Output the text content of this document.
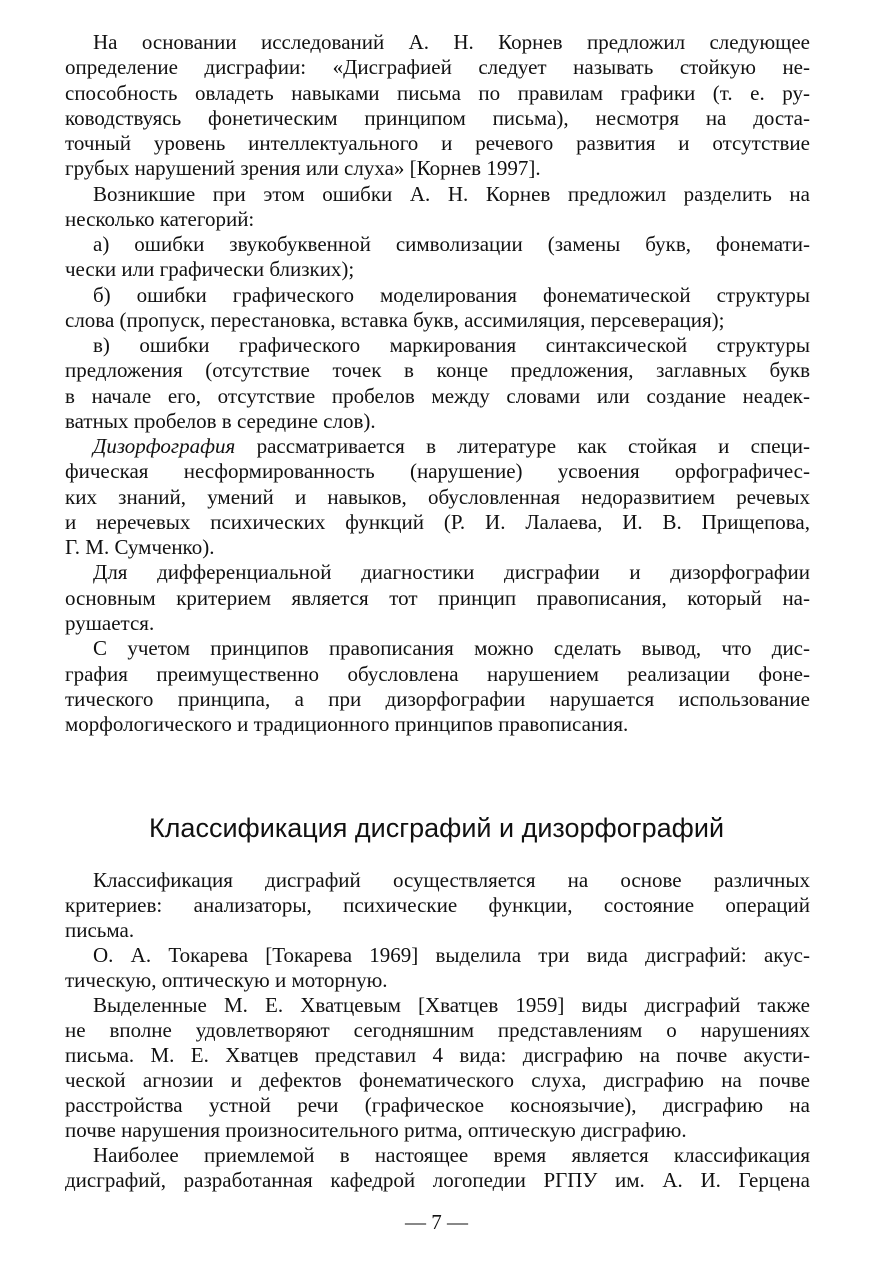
Классификация дисграфий и дизорфографий
— 7 —
На основании исследований А. Н. Корнев предложил следующее
определение дисграфии: «Дисграфией следует называть стойкую не-
способность овладеть навыками письма по правилам графики (т. е. ру-
ководствуясь фонетическим принципом письма), несмотря на доста-
точный уровень интеллектуального и речевого развития и отсутствие
грубых нарушений зрения или слуха» [Корнев 1997].
Возникшие при этом ошибки А. Н. Корнев предложил разделить на
несколько категорий:
а) ошибки звукобуквенной символизации (замены букв, фонемати-
чески или графически близких);
б) ошибки графического моделирования фонематической структуры
слова (пропуск, перестановка, вставка букв, ассимиляция, персеверация);
в) ошибки графического маркирования синтаксической структуры
предложения (отсутствие точек в конце предложения, заглавных букв
в начале его, отсутствие пробелов между словами или создание неадек-
ватных пробелов в середине слов).
Дизорфография рассматривается в литературе как стойкая и специ-
фическая несформированность (нарушение) усвоения орфографичес-
ких знаний, умений и навыков, обусловленная недоразвитием речевых
и неречевых психических функций (Р. И. Лалаева, И. В. Прищепова,
Г. М. Сумченко).
Для дифференциальной диагностики дисграфии и дизорфографии
основным критерием является тот принцип правописания, который на-
рушается.
С учетом принципов правописания можно сделать вывод, что дис-
графия преимущественно обусловлена нарушением реализации фоне-
тического принципа, а при дизорфографии нарушается использование
морфологического и традиционного принципов правописания.
Классификация дисграфий осуществляется на основе различных
критериев: анализаторы, психические функции, состояние операций
письма.
О. А. Токарева [Токарева 1969] выделила три вида дисграфий: акус-
тическую, оптическую и моторную.
Выделенные М. Е. Хватцевым [Хватцев 1959] виды дисграфий также
не вполне удовлетворяют сегодняшним представлениям о нарушениях
письма. М. Е. Хватцев представил 4 вида: дисграфию на почве акусти-
ческой агнозии и дефектов фонематического слуха, дисграфию на почве
расстройства устной речи (графическое косноязычие), дисграфию на
почве нарушения произносительного ритма, оптическую дисграфию.
Наиболее приемлемой в настоящее время является классификация
дисграфий, разработанная кафедрой логопедии РГПУ им. А. И. Герцена
